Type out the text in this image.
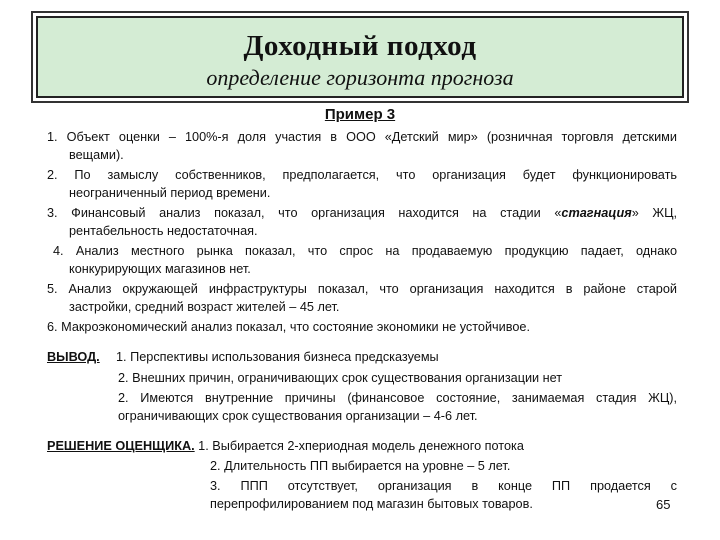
Доходный подход
определение горизонта прогноза
Пример 3
1. Объект оценки – 100%-я доля участия в ООО «Детский мир» (розничная торговля детскими
вещами).
2. По замыслу собственников, предполагается, что организация будет функционировать
неограниченный период времени.
3. Финансовый анализ показал, что организация находится на стадии «стагнация» ЖЦ,
рентабельность недостаточная.
4. Анализ местного рынка показал, что спрос на продаваемую продукцию падает, однако
конкурирующих магазинов нет.
5. Анализ окружающей инфраструктуры показал, что организация находится в районе старой
застройки, средний возраст жителей – 45 лет.
6. Макроэкономический анализ показал, что состояние экономики не устойчивое.
ВЫВОД. 1. Перспективы использования бизнеса предсказуемы
2. Внешних причин, ограничивающих срок существования организации нет
2. Имеются внутренние причины (финансовое состояние, занимаемая стадия ЖЦ),
ограничивающих срок существования организации – 4-6 лет.
РЕШЕНИЕ ОЦЕНЩИКА. 1. Выбирается 2-хпериодная модель денежного потока
2. Длительность ПП выбирается на уровне – 5 лет.
3. ППП отсутствует, организация в конце ПП продается с
перепрофилированием под магазин бытовых товаров.	65
